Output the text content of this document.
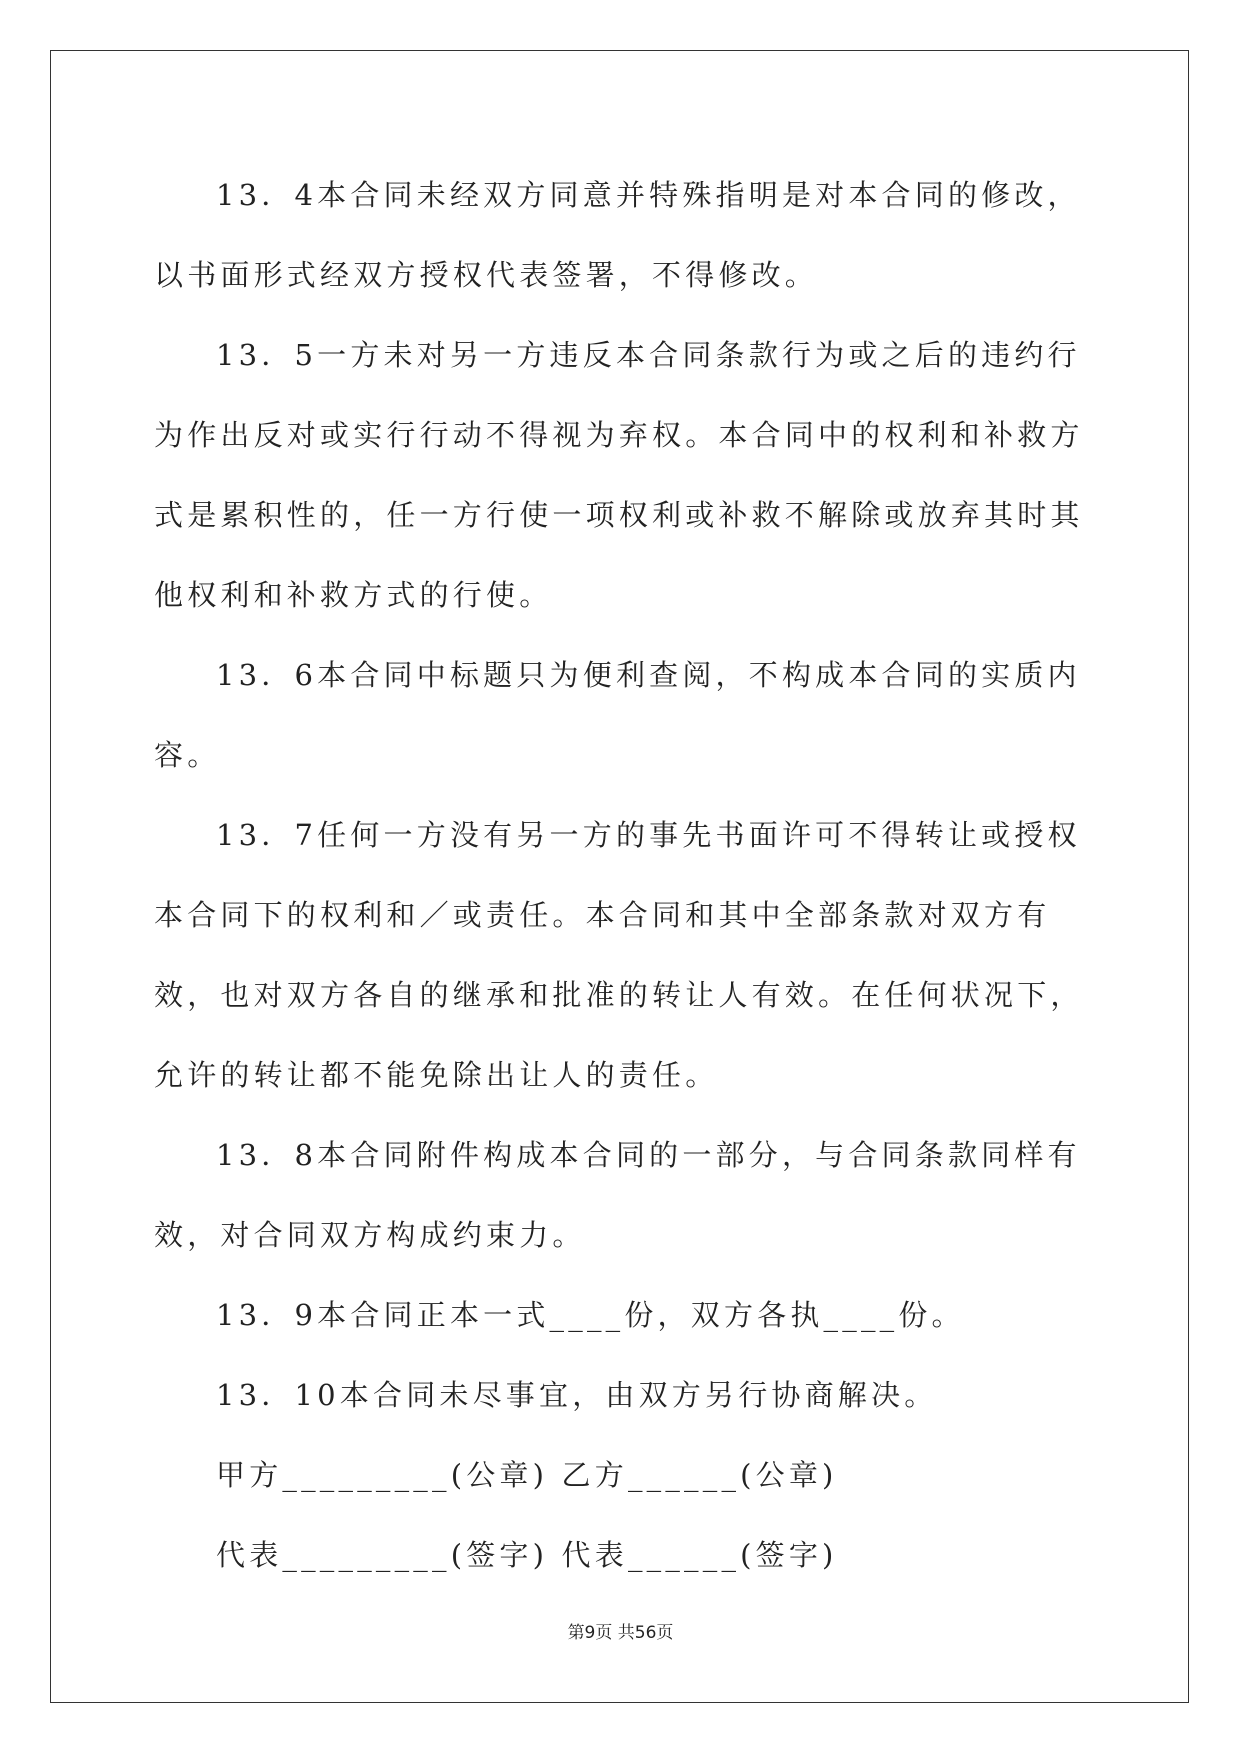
13．4本合同未经双方同意并特殊指明是对本合同的修改，以书面形式经双方授权代表签署，不得修改。

13．5一方未对另一方违反本合同条款行为或之后的违约行为作出反对或实行行动不得视为弃权。本合同中的权利和补救方式是累积性的，任一方行使一项权利或补救不解除或放弃其时其他权利和补救方式的行使。

13．6本合同中标题只为便利查阅，不构成本合同的实质内容。

13．7任何一方没有另一方的事先书面许可不得转让或授权本合同下的权利和／或责任。本合同和其中全部条款对双方有效，也对双方各自的继承和批准的转让人有效。在任何状况下，允许的转让都不能免除出让人的责任。

13．8本合同附件构成本合同的一部分，与合同条款同样有效，对合同双方构成约束力。

13．9本合同正本一式____份，双方各执____份。

13．10本合同未尽事宜，由双方另行协商解决。

甲方_________(公章) 乙方______(公章)

代表_________(签字) 代表______(签字)

第9页 共56页
